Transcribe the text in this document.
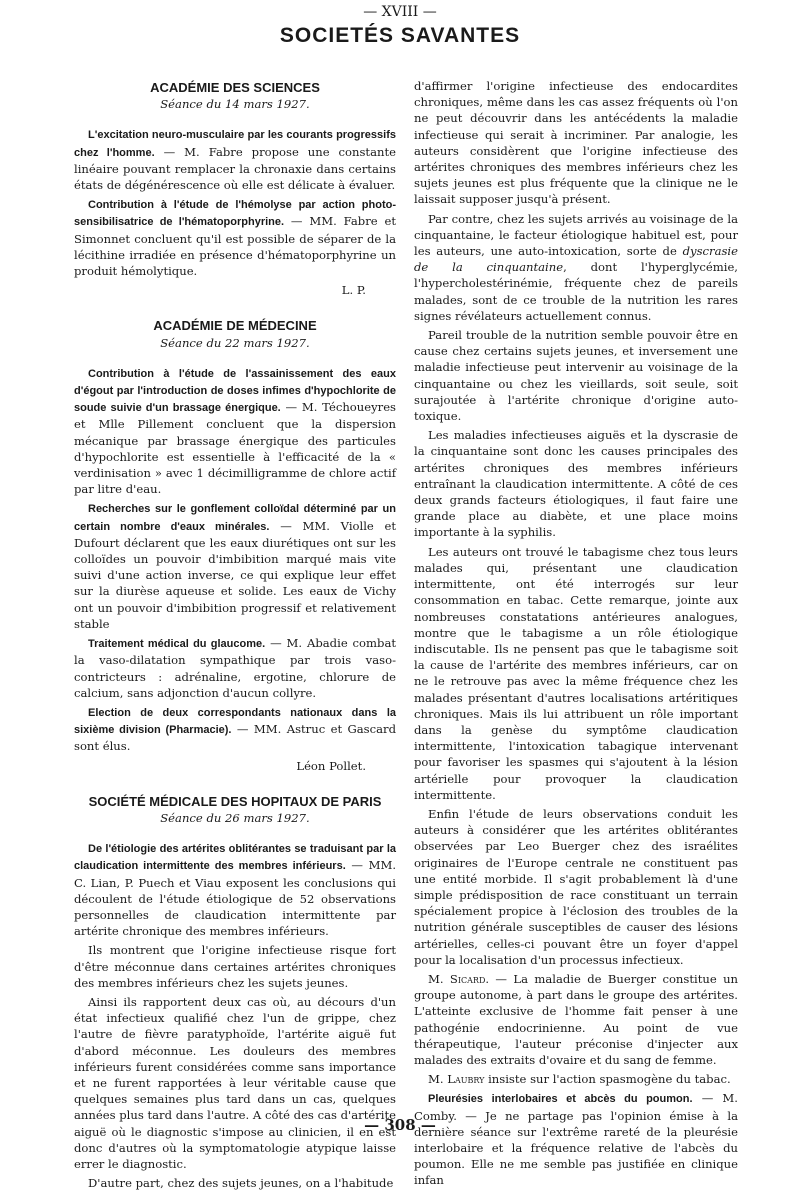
— XVIII —
SOCIETÉS SAVANTES
ACADÉMIE DES SCIENCES
Séance du 14 mars 1927.

L'excitation neuro-musculaire par les courants progressifs chez l'homme. — M. Fabre propose une constante linéaire pouvant remplacer la chronaxie dans certains états de dégénérescence où elle est délicate à évaluer.

Contribution à l'étude de l'hémolyse par action photo-sensibilisatrice de l'hématoporphyrine. — MM. Fabre et Simonnet concluent qu'il est possible de séparer de la lécithine irradiée en présence d'hématoporphyrine un produit hémolytique.

L. P.
ACADÉMIE DE MÉDECINE
Séance du 22 mars 1927.

Contribution à l'étude de l'assainissement des eaux d'égout par l'introduction de doses infimes d'hypochlorite de soude suivie d'un brassage énergique. — M. Téchoueyres et Mlle Pillement concluent que la dispersion mécanique par brassage énergique des particules d'hypochlorite est essentielle à l'efficacité de la « verdinisation » avec 1 décimilligramme de chlore actif par litre d'eau.

Recherches sur le gonflement colloïdal déterminé par un certain nombre d'eaux minérales. — MM. Violle et Dufourt déclarent que les eaux diurétiques ont sur les colloïdes un pouvoir d'imbibition marqué mais vite suivi d'une action inverse, ce qui explique leur effet sur la diurèse aqueuse et solide. Les eaux de Vichy ont un pouvoir d'imbibition progressif et relativement stable

Traitement médical du glaucome. — M. Abadie combat la vaso-dilatation sympathique par trois vaso-contricteurs : adrénaline, ergotine, chlorure de calcium, sans adjonction d'aucun collyre.

Election de deux correspondants nationaux dans la sixième division (Pharmacie). — MM. Astruc et Gascard sont élus.

Léon Pollet.
SOCIÉTÉ MÉDICALE DES HOPITAUX DE PARIS
Séance du 26 mars 1927.

De l'étiologie des artérites oblitérantes se traduisant par la claudication intermittente des membres inférieurs. — MM. C. Lian, P. Puech et Viau exposent les conclusions qui découlent de l'étude étiologique de 52 observations personnelles de claudication intermittente par artérite chronique des membres inférieurs.

Ils montrent que l'origine infectieuse risque fort d'être méconnue dans certaines artérites chroniques des membres inférieurs chez les sujets jeunes.

Ainsi ils rapportent deux cas où, au décours d'un état infectieux qualifié chez l'un de grippe, chez l'autre de fièvre paratyphoïde, l'artérite aiguë fut d'abord méconnue. Les douleurs des membres inférieurs furent considérées comme sans importance et ne furent rapportées à leur véritable cause que quelques semaines plus tard dans un cas, quelques années plus tard dans l'autre. A côté des cas d'artérite aiguë où le diagnostic s'impose au clinicien, il en est donc d'autres où la symptomatologie atypique laisse errer le diagnostic.

D'autre part, chez des sujets jeunes, on a l'habitude

d'affirmer l'origine infectieuse des endocardites chroniques, même dans les cas assez fréquents où l'on ne peut découvrir dans les antécédents la maladie infectieuse qui serait à incriminer. Par analogie, les auteurs considèrent que l'origine infectieuse des artérites chroniques des membres inférieurs chez les sujets jeunes est plus fréquente que la clinique ne le laissait supposer jusqu'à présent.

Par contre, chez les sujets arrivés au voisinage de la cinquantaine, le facteur étiologique habituel est, pour les auteurs, une auto-intoxication, sorte de dyscrasie de la cinquantaine, dont l'hyperglycémie, l'hypercholestérinémie, fréquente chez de pareils malades, sont de ce trouble de la nutrition les rares signes révélateurs actuellement connus.

Pareil trouble de la nutrition semble pouvoir être en cause chez certains sujets jeunes, et inversement une maladie infectieuse peut intervenir au voisinage de la cinquantaine ou chez les vieillards, soit seule, soit surajoutée à l'artérite chronique d'origine auto-toxique.

Les maladies infectieuses aiguës et la dyscrasie de la cinquantaine sont donc les causes principales des artérites chroniques des membres inférieurs entraînant la claudication intermittente. A côté de ces deux grands facteurs étiologiques, il faut faire une grande place au diabète, et une place moins importante à la syphilis.

Les auteurs ont trouvé le tabagisme chez tous leurs malades qui, présentant une claudication intermittente, ont été interrogés sur leur consommation en tabac. Cette remarque, jointe aux nombreuses constatations antérieures analogues, montre que le tabagisme a un rôle étiologique indiscutable. Ils ne pensent pas que le tabagisme soit la cause de l'artérite des membres inférieurs, car on ne le retrouve pas avec la même fréquence chez les malades présentant d'autres localisations artéritiques chroniques. Mais ils lui attribuent un rôle important dans la genèse du symptôme claudication intermittente, l'intoxication tabagique intervenant pour favoriser les spasmes qui s'ajoutent à la lésion artérielle pour provoquer la claudication intermittente.

Enfin l'étude de leurs observations conduit les auteurs à considérer que les artérites oblitérantes observées par Leo Buerger chez des israélites originaires de l'Europe centrale ne constituent pas une entité morbide. Il s'agit probablement là d'une simple prédisposition de race constituant un terrain spécialement propice à l'éclosion des troubles de la nutrition générale susceptibles de causer des lésions artérielles, celles-ci pouvant être un foyer d'appel pour la localisation d'un processus infectieux.

M. Sicard. — La maladie de Buerger constitue un groupe autonome, à part dans le groupe des artérites. L'atteinte exclusive de l'homme fait penser à une pathogénie endocrinienne. Au point de vue thérapeutique, l'auteur préconise d'injecter aux malades des extraits d'ovaire et du sang de femme.

M. Laubry insiste sur l'action spasmogène du tabac.

Pleurésies interlobaires et abcès du poumon. — M. Comby. — Je ne partage pas l'opinion émise à la dernière séance sur l'extrême rareté de la pleurésie interlobaire et la fréquence relative de l'abcès du poumon. Elle ne me semble pas justifiée en clinique infan

— 308 —
